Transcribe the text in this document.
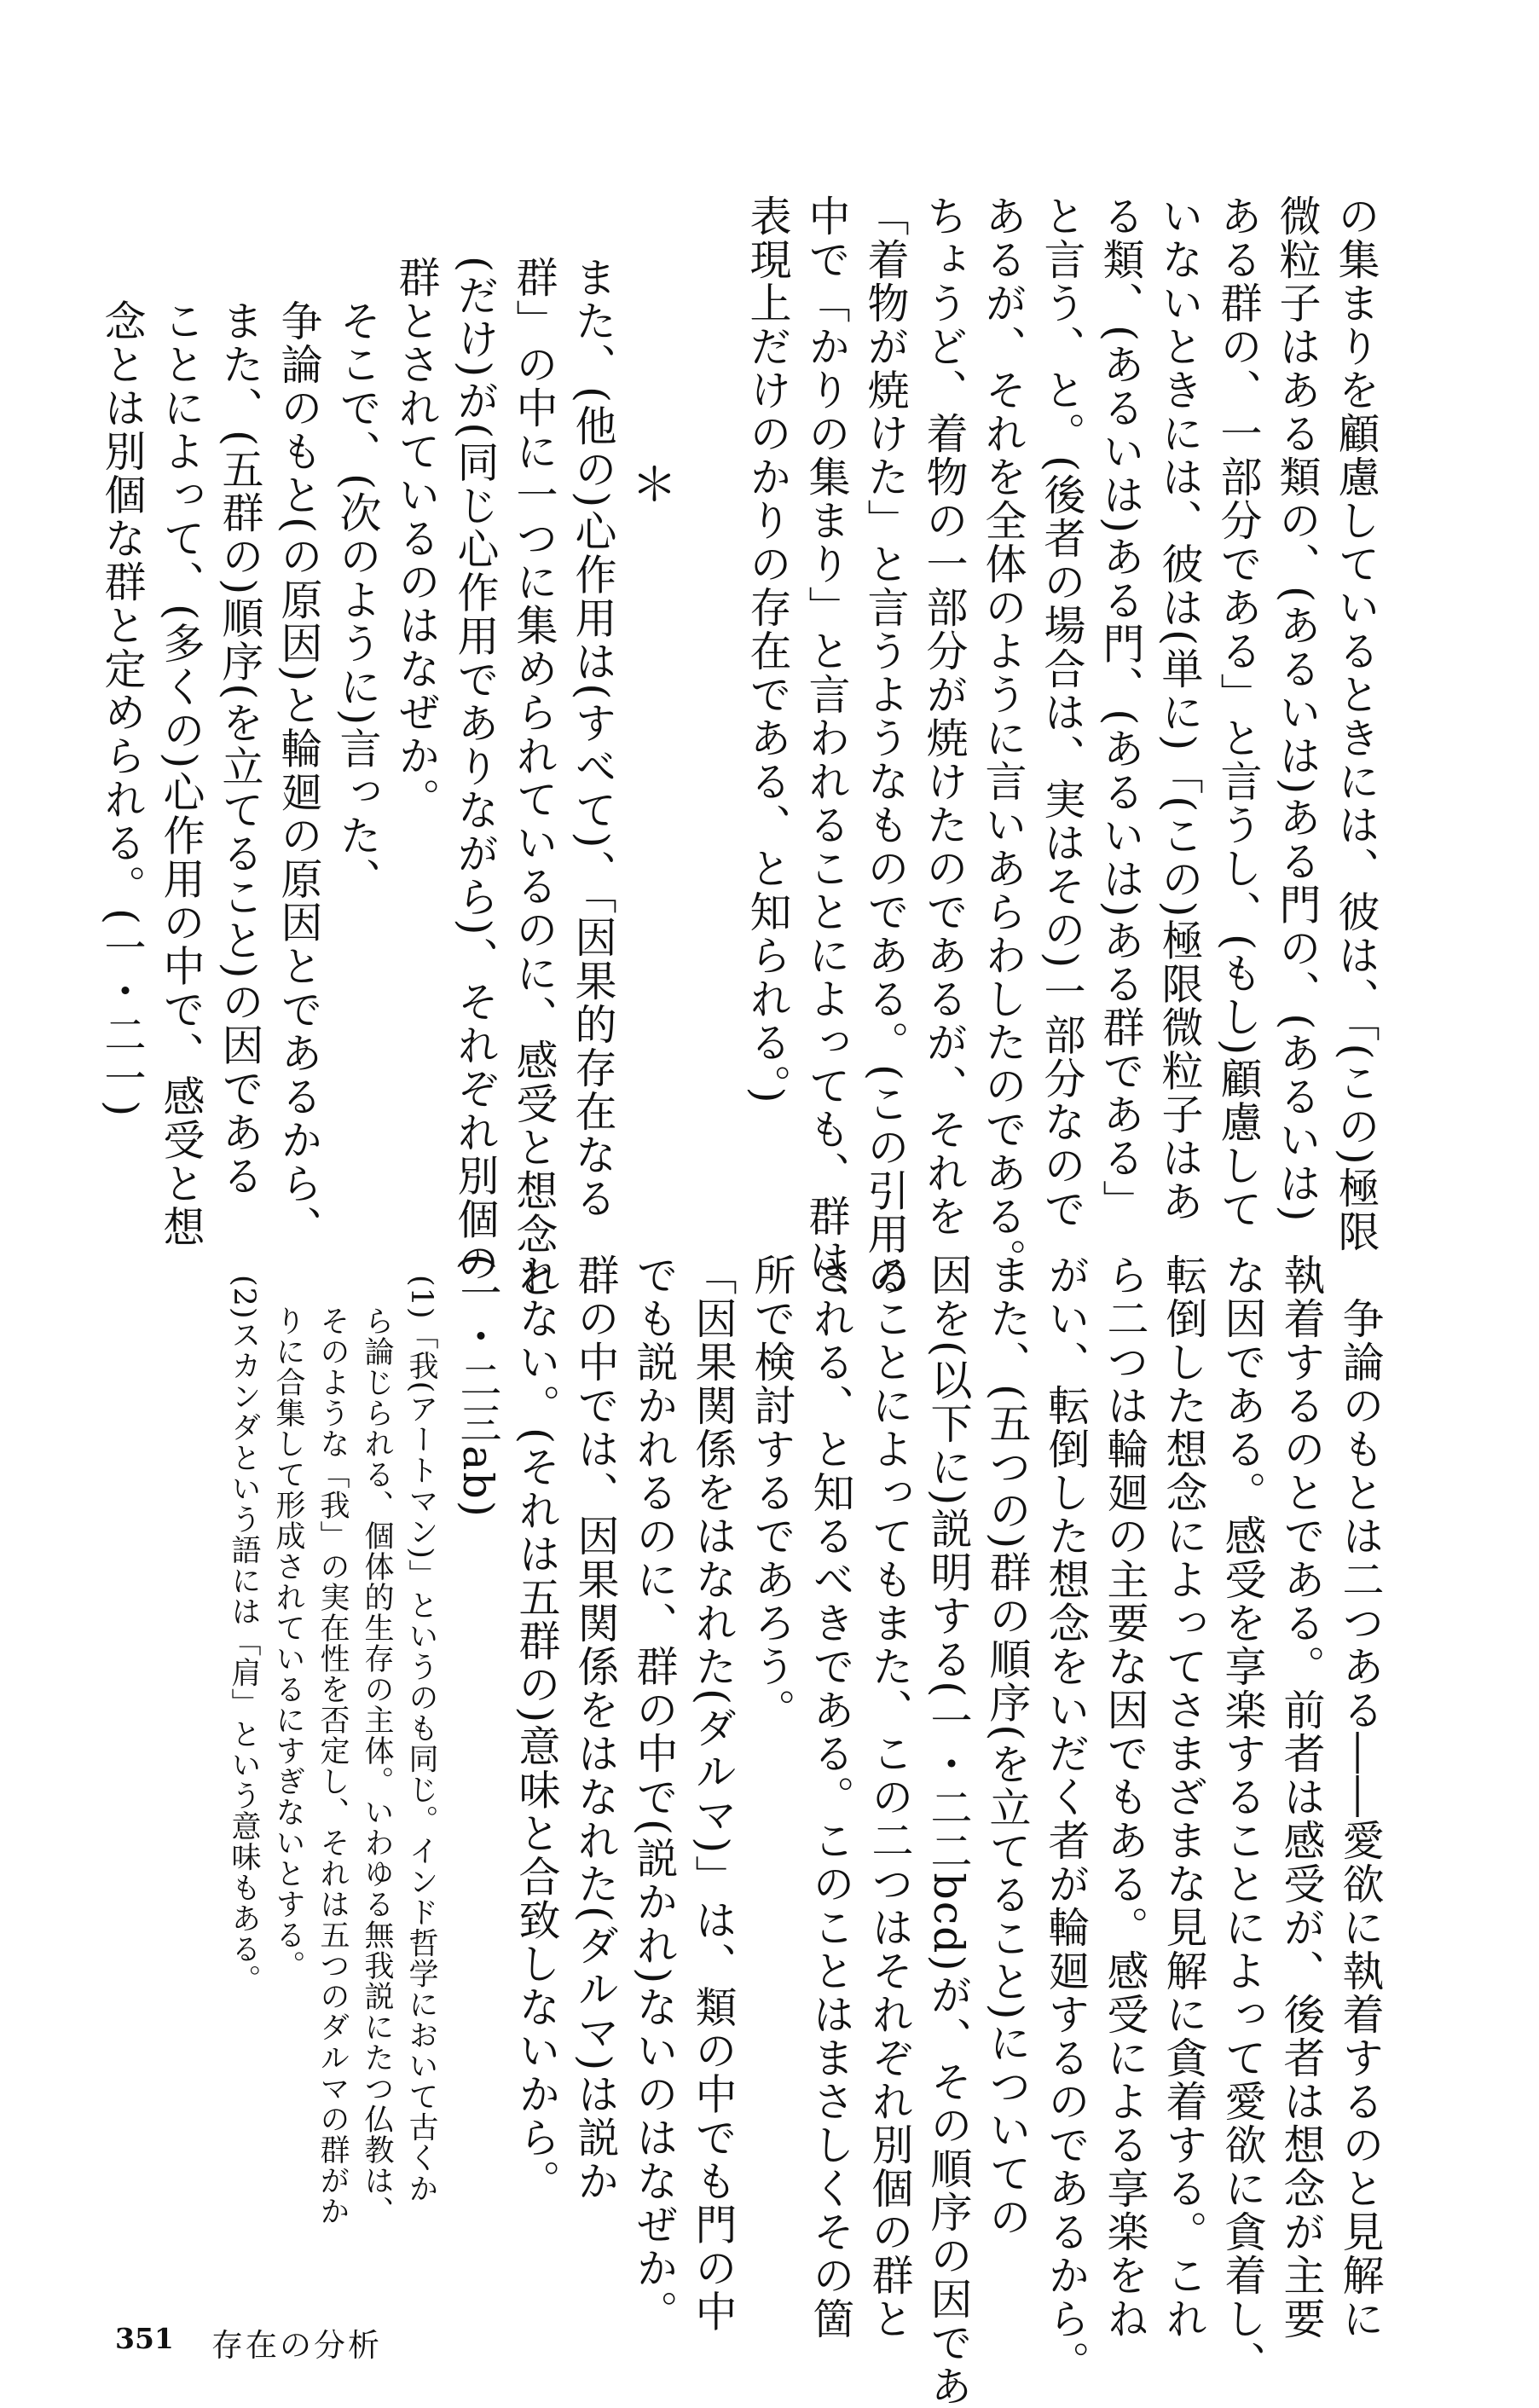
の集まりを顧慮しているときには、彼は、「(この)極限
微粒子はある類の、(あるいは)ある門の、(あるいは)
ある群の、一部分である」と言うし、(もし)顧慮して
いないときには、彼は(単に)「(この)極限微粒子はあ
る類、(あるいは)ある門、(あるいは)ある群である」
と言う、と。(後者の場合は、実はその)一部分なので
あるが、それを全体のように言いあらわしたのである。
ちょうど、着物の一部分が焼けたのであるが、それを
「着物が焼けた」と言うようなものである。(この引用の
中で「かりの集まり」と言われることによっても、群は、
表現上だけのかりの存在である、と知られる。)
＊
また、(他の)心作用は(すべて)、「因果的存在なる
群」の中に一つに集められているのに、感受と想念と
(だけ)が(同じ心作用でありながら)、それぞれ別個の
群とされているのはなぜか。
　そこで、(次のように)言った、
　争論のもと(の原因)と輪廻の原因とであるから、
　また、(五群の)順序(を立てること)の因である
　ことによって、(多くの)心作用の中で、感受と想
　念とは別個な群と定められる。(一・二一)
　争論のもとは二つある――愛欲に執着するのと見解に
執着するのとである。前者は感受が、後者は想念が主要
な因である。感受を享楽することによって愛欲に貪着し、
転倒した想念によってさまざまな見解に貪着する。これ
ら二つは輪廻の主要な因でもある。感受による享楽をね
がい、転倒した想念をいだく者が輪廻するのであるから。
また、(五つの)群の順序(を立てること)についての
因を(以下に)説明する(一・二二bcd)が、その順序の因であ
ることによってもまた、この二つはそれぞれ別個の群と
される、と知るべきである。このことはまさしくその箇
所で検討するであろう。
「因果関係をはなれた(ダルマ)」は、類の中でも門の中
でも説かれるのに、群の中で(説かれ)ないのはなぜか。
群の中では、因果関係をはなれた(ダルマ)は説か
れない。(それは五群の)意味と合致しないから。
(一・二三ab)
(1)「我(アートマン)」というのも同じ。インド哲学において古くか
　ら論じられる、個体的生存の主体。いわゆる無我説にたつ仏教は、
　そのような「我」の実在性を否定し、それは五つのダルマの群がか
　りに合集して形成されているにすぎないとする。
(2)スカンダという語には「肩」という意味もある。
351 存在の分析
